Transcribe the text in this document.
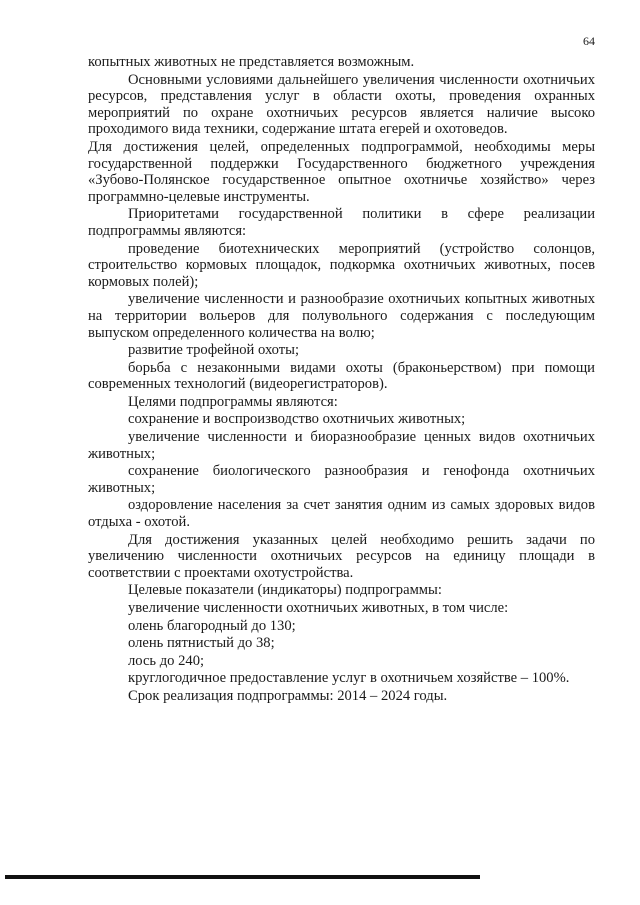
64

копытных животных не представляется возможным.

Основными условиями дальнейшего увеличения численности охотничьих ресурсов, представления услуг в области охоты, проведения охранных мероприятий по охране охотничьих ресурсов является наличие высоко проходимого вида техники, содержание штата егерей и охотоведов.

Для достижения целей, определенных подпрограммой, необходимы меры государственной поддержки Государственного бюджетного учреждения «Зубово-Полянское государственное опытное охотничье хозяйство» через программно-целевые инструменты.

Приоритетами государственной политики в сфере реализации подпрограммы являются:

проведение биотехнических мероприятий (устройство солонцов, строительство кормовых площадок, подкормка охотничьих животных, посев кормовых полей);

увеличение численности и разнообразие охотничьих копытных животных на территории вольеров для полувольного содержания с последующим выпуском определенного количества на волю;

развитие трофейной охоты;

борьба с незаконными видами охоты (браконьерством) при помощи современных технологий (видеорегистраторов).

Целями подпрограммы являются:

сохранение и воспроизводство охотничьих животных;

увеличение численности и биоразнообразие ценных видов охотничьих животных;

сохранение биологического разнообразия и генофонда охотничьих животных;

оздоровление населения за счет занятия одним из самых здоровых видов отдыха - охотой.

Для достижения указанных целей необходимо решить задачи по увеличению численности охотничьих ресурсов на единицу площади в соответствии с проектами охотустройства.

Целевые показатели (индикаторы) подпрограммы:

увеличение численности охотничьих животных, в том числе:

олень благородный до 130;

олень пятнистый до 38;

лось до 240;

круглогодичное предоставление услуг в охотничьем хозяйстве – 100%.

Срок реализация подпрограммы: 2014 – 2024 годы.
